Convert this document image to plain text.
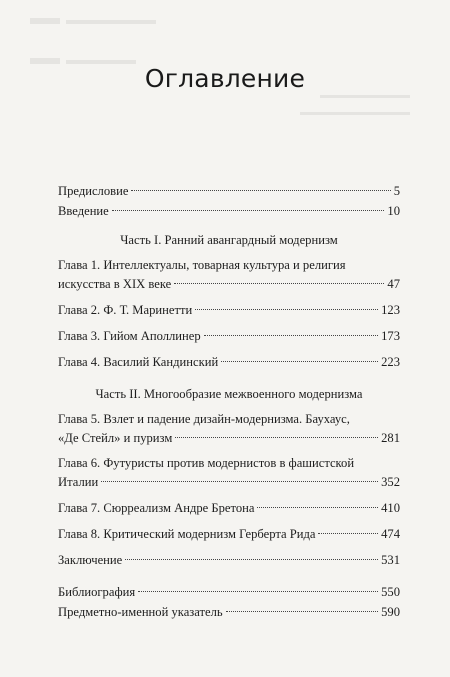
Оглавление
Предисловие	5
Введение	10
Часть I. Ранний авангардный модернизм
Глава 1. Интеллектуалы, товарная культура и религия
искусства в XIX веке	47
Глава 2. Ф. Т. Маринетти	123
Глава 3. Гийом Аполлинер	173
Глава 4. Василий Кандинский	223
Часть II. Многообразие межвоенного модернизма
Глава 5. Взлет и падение дизайн-модернизма. Баухаус,
«Де Стейл» и пуризм	281
Глава 6. Футуристы против модернистов в фашистской
Италии	352
Глава 7. Сюрреализм Андре Бретона	410
Глава 8. Критический модернизм Герберта Рида	474
Заключение	531
Библиография	550
Предметно-именной указатель	590
